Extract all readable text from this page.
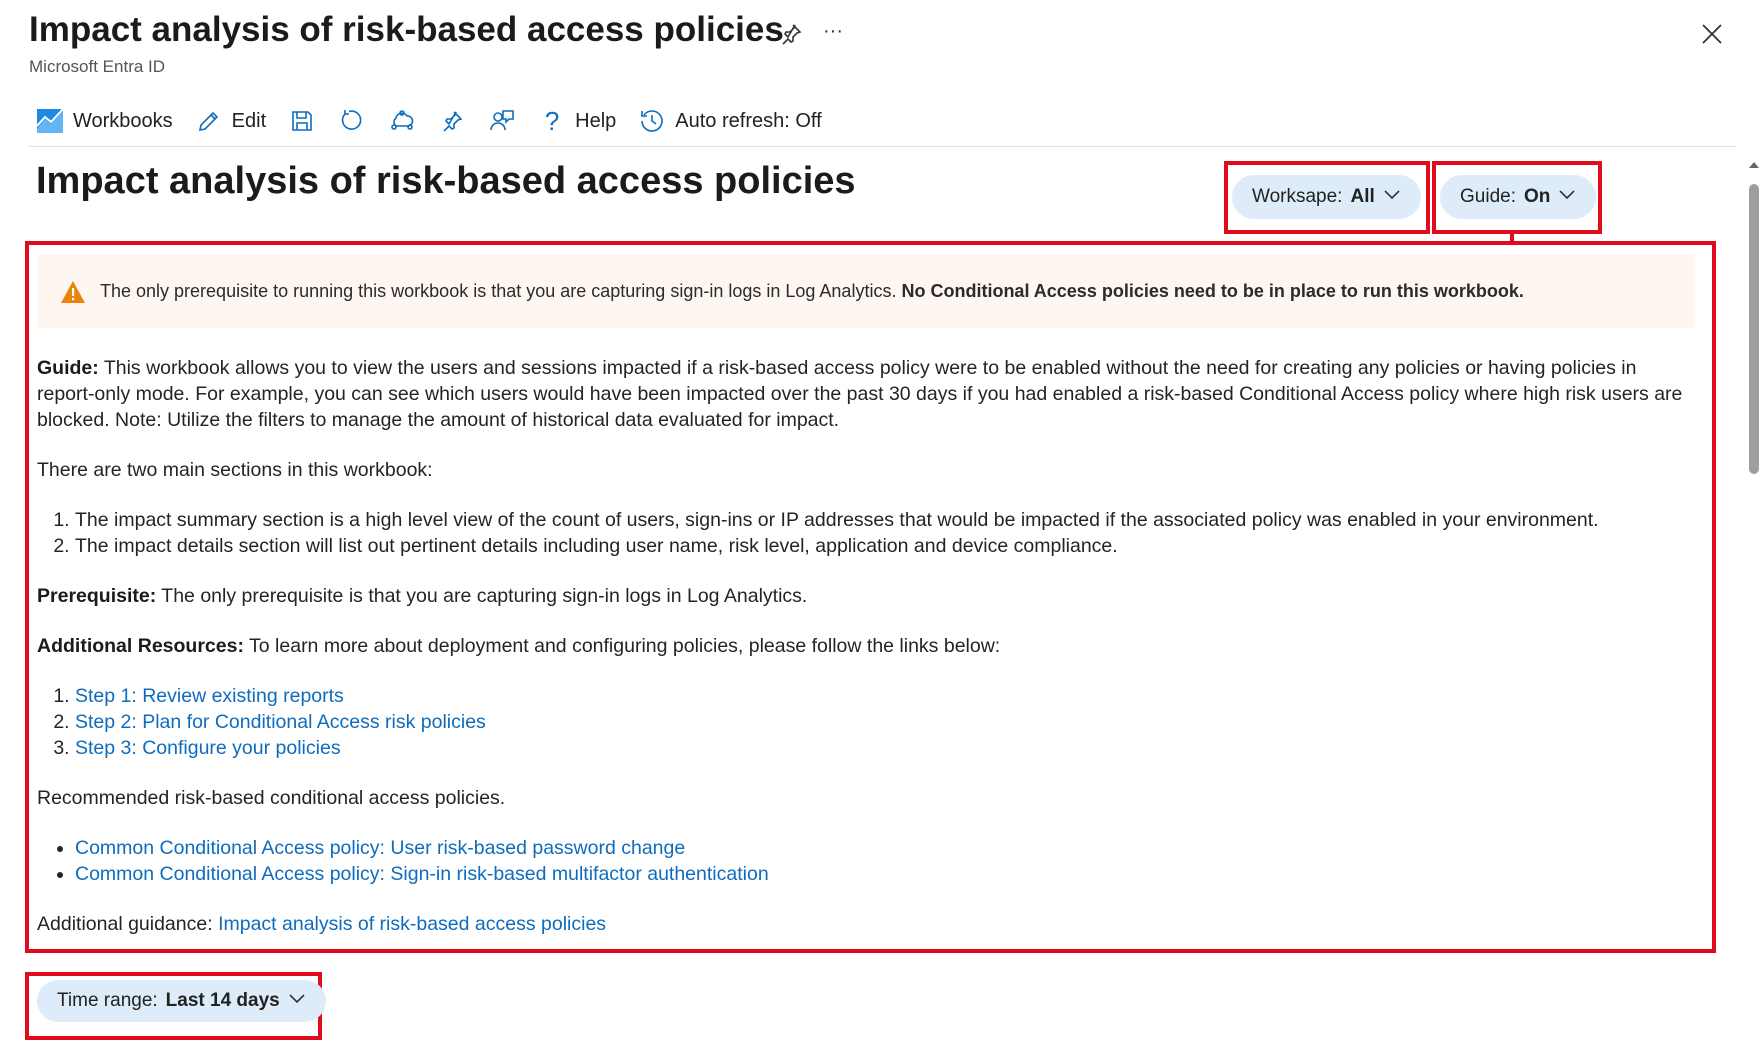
Impact analysis of risk-based access policies
Microsoft Entra ID
···
Workbooks	Edit	? Help	Auto refresh: Off
Impact analysis of risk-based access policies	Worksape: All	Guide: On
The only prerequisite to running this workbook is that you are capturing sign-in logs in Log Analytics.
No Conditional Access policies need to be in place to run this workbook.

Guide: This workbook allows you to view the users and sessions impacted if a risk-based access policy were to be enabled without the need for creating any policies or having policies in report-only mode. For example, you can see which users would have been impacted over the past 30 days if you had enabled a risk-based Conditional Access policy where high risk users are blocked. Note: Utilize the filters to manage the amount of historical data evaluated for impact.

There are two main sections in this workbook:

1. The impact summary section is a high level view of the count of users, sign-ins or IP addresses that would be impacted if the associated policy was enabled in your environment.
2. The impact details section will list out pertinent details including user name, risk level, application and device compliance.

Prerequisite: The only prerequisite is that you are capturing sign-in logs in Log Analytics.

Additional Resources: To learn more about deployment and configuring policies, please follow the links below:

1. Step 1: Review existing reports
2. Step 2: Plan for Conditional Access risk policies
3. Step 3: Configure your policies

Recommended risk-based conditional access policies.

• Common Conditional Access policy: User risk-based password change
• Common Conditional Access policy: Sign-in risk-based multifactor authentication

Additional guidance: Impact analysis of risk-based access policies

Time range: Last 14 days
